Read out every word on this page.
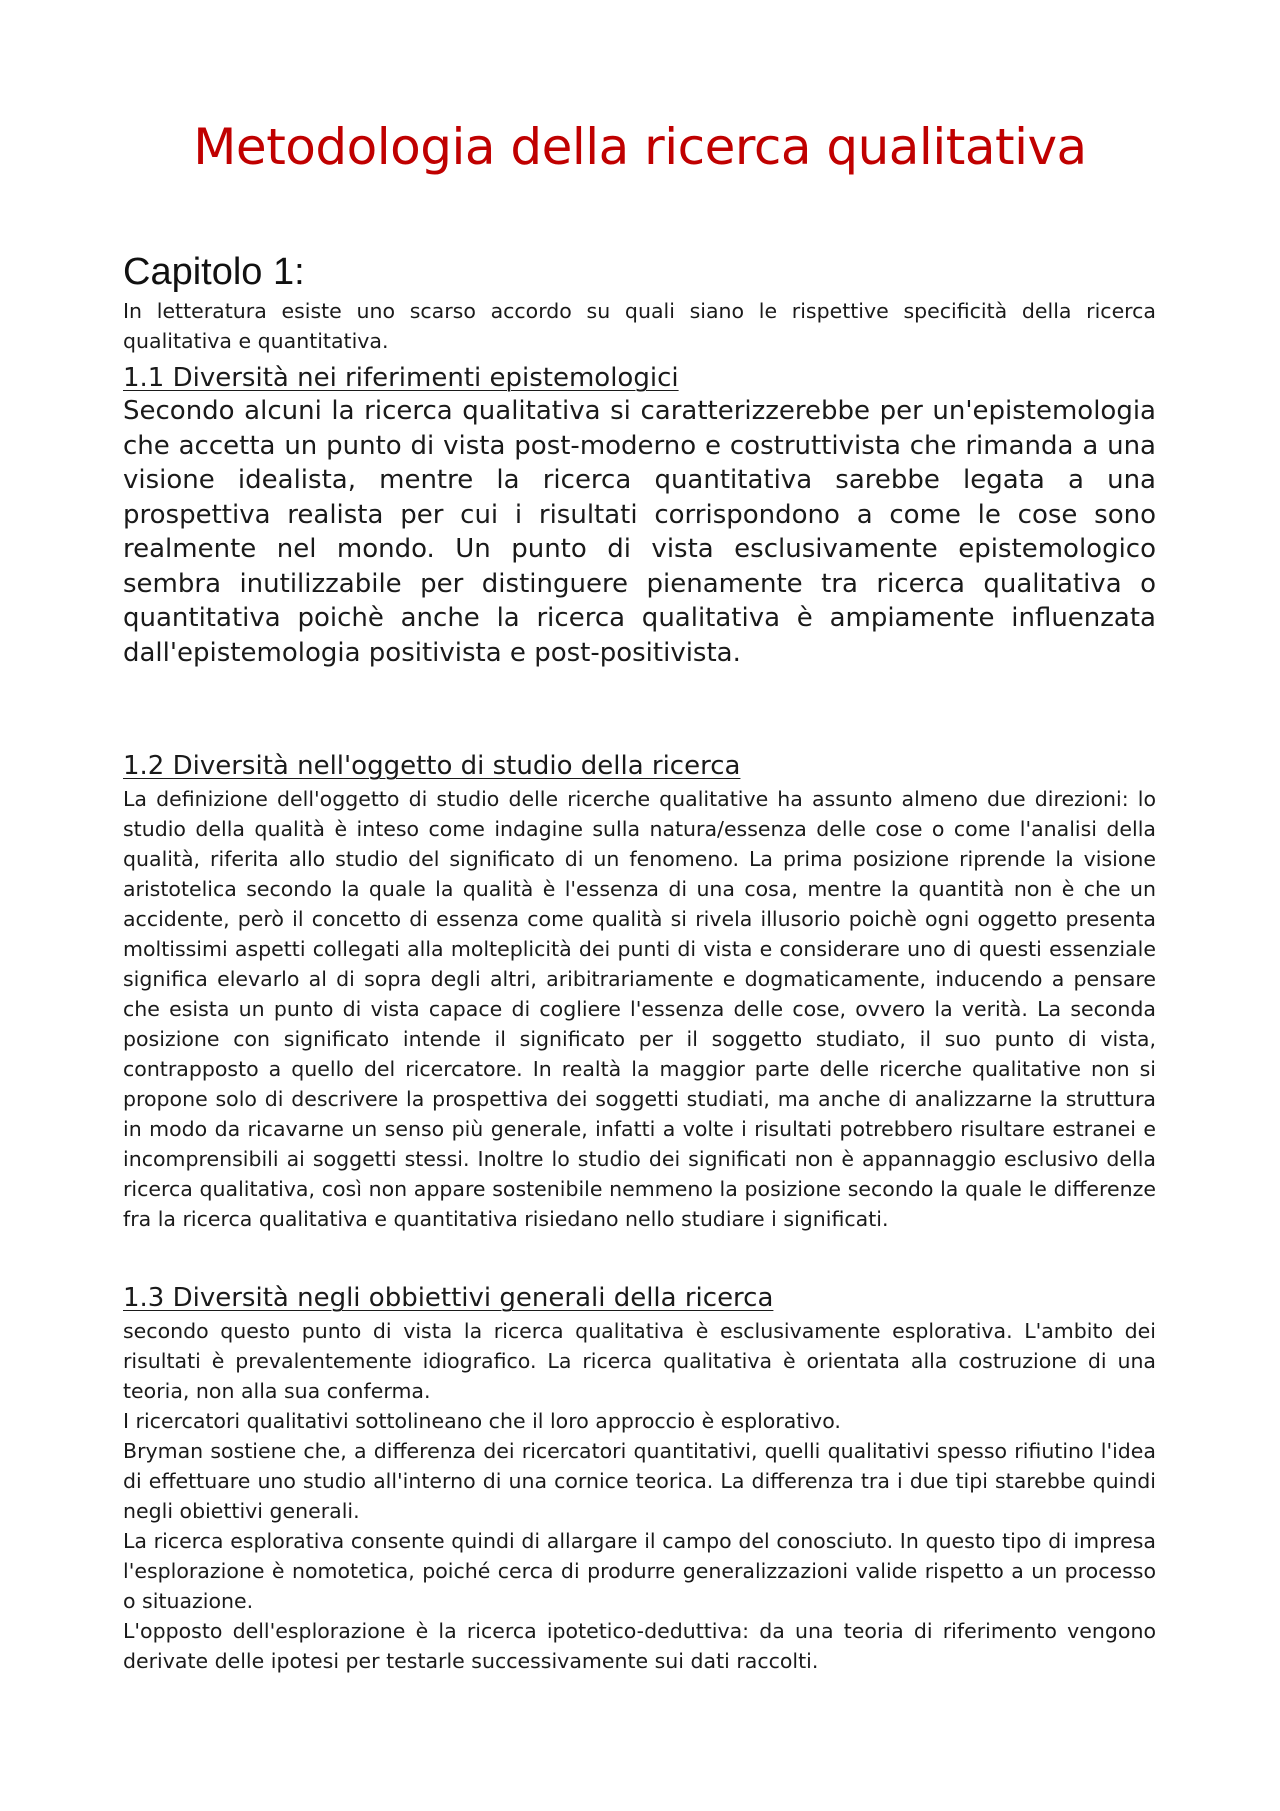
Metodologia della ricerca qualitativa
Capitolo 1:

In letteratura esiste uno scarso accordo su quali siano le rispettive specificità della ricerca qualitativa e quantitativa.

1.1 Diversità nei riferimenti epistemologici

Secondo alcuni la ricerca qualitativa si caratterizzerebbe per un'epistemologia che accetta un punto di vista post-moderno e costruttivista che rimanda a una visione idealista, mentre la ricerca quantitativa sarebbe legata a una prospettiva realista per cui i risultati corrispondono a come le cose sono realmente nel mondo. Un punto di vista esclusivamente epistemologico sembra inutilizzabile per distinguere pienamente tra ricerca qualitativa o quantitativa poichè anche la ricerca qualitativa è ampiamente influenzata dall'epistemologia positivista e post-positivista.

1.2 Diversità nell'oggetto di studio della ricerca

La definizione dell'oggetto di studio delle ricerche qualitative ha assunto almeno due direzioni: lo studio della qualità è inteso come indagine sulla natura/essenza delle cose o come l'analisi della qualità, riferita allo studio del significato di un fenomeno. La prima posizione riprende la visione aristotelica secondo la quale la qualità è l'essenza di una cosa, mentre la quantità non è che un accidente, però il concetto di essenza come qualità si rivela illusorio poichè ogni oggetto presenta moltissimi aspetti collegati alla molteplicità dei punti di vista e considerare uno di questi essenziale significa elevarlo al di sopra degli altri, aribitrariamente e dogmaticamente, inducendo a pensare che esista un punto di vista capace di cogliere l'essenza delle cose, ovvero la verità. La seconda posizione con significato intende il significato per il soggetto studiato, il suo punto di vista, contrapposto a quello del ricercatore. In realtà la maggior parte delle ricerche qualitative non si propone solo di descrivere la prospettiva dei soggetti studiati, ma anche di analizzarne la struttura in modo da ricavarne un senso più generale, infatti a volte i risultati potrebbero risultare estranei e incomprensibili ai soggetti stessi. Inoltre lo studio dei significati non è appannaggio esclusivo della ricerca qualitativa, così non appare sostenibile nemmeno la posizione secondo la quale le differenze fra la ricerca qualitativa e quantitativa risiedano nello studiare i significati.

1.3 Diversità negli obbiettivi generali della ricerca

secondo questo punto di vista la ricerca qualitativa è esclusivamente esplorativa. L'ambito dei risultati è prevalentemente idiografico. La ricerca qualitativa è orientata alla costruzione di una teoria, non alla sua conferma.

I ricercatori qualitativi sottolineano che il loro approccio è esplorativo.

Bryman sostiene che, a differenza dei ricercatori quantitativi, quelli qualitativi spesso rifiutino l'idea di effettuare uno studio all'interno di una cornice teorica. La differenza tra i due tipi starebbe quindi negli obiettivi generali.

La ricerca esplorativa consente quindi di allargare il campo del conosciuto. In questo tipo di impresa l'esplorazione è nomotetica, poiché cerca di produrre generalizzazioni valide rispetto a un processo o situazione.

L'opposto dell'esplorazione è la ricerca ipotetico-deduttiva: da una teoria di riferimento vengono derivate delle ipotesi per testarle successivamente sui dati raccolti.
